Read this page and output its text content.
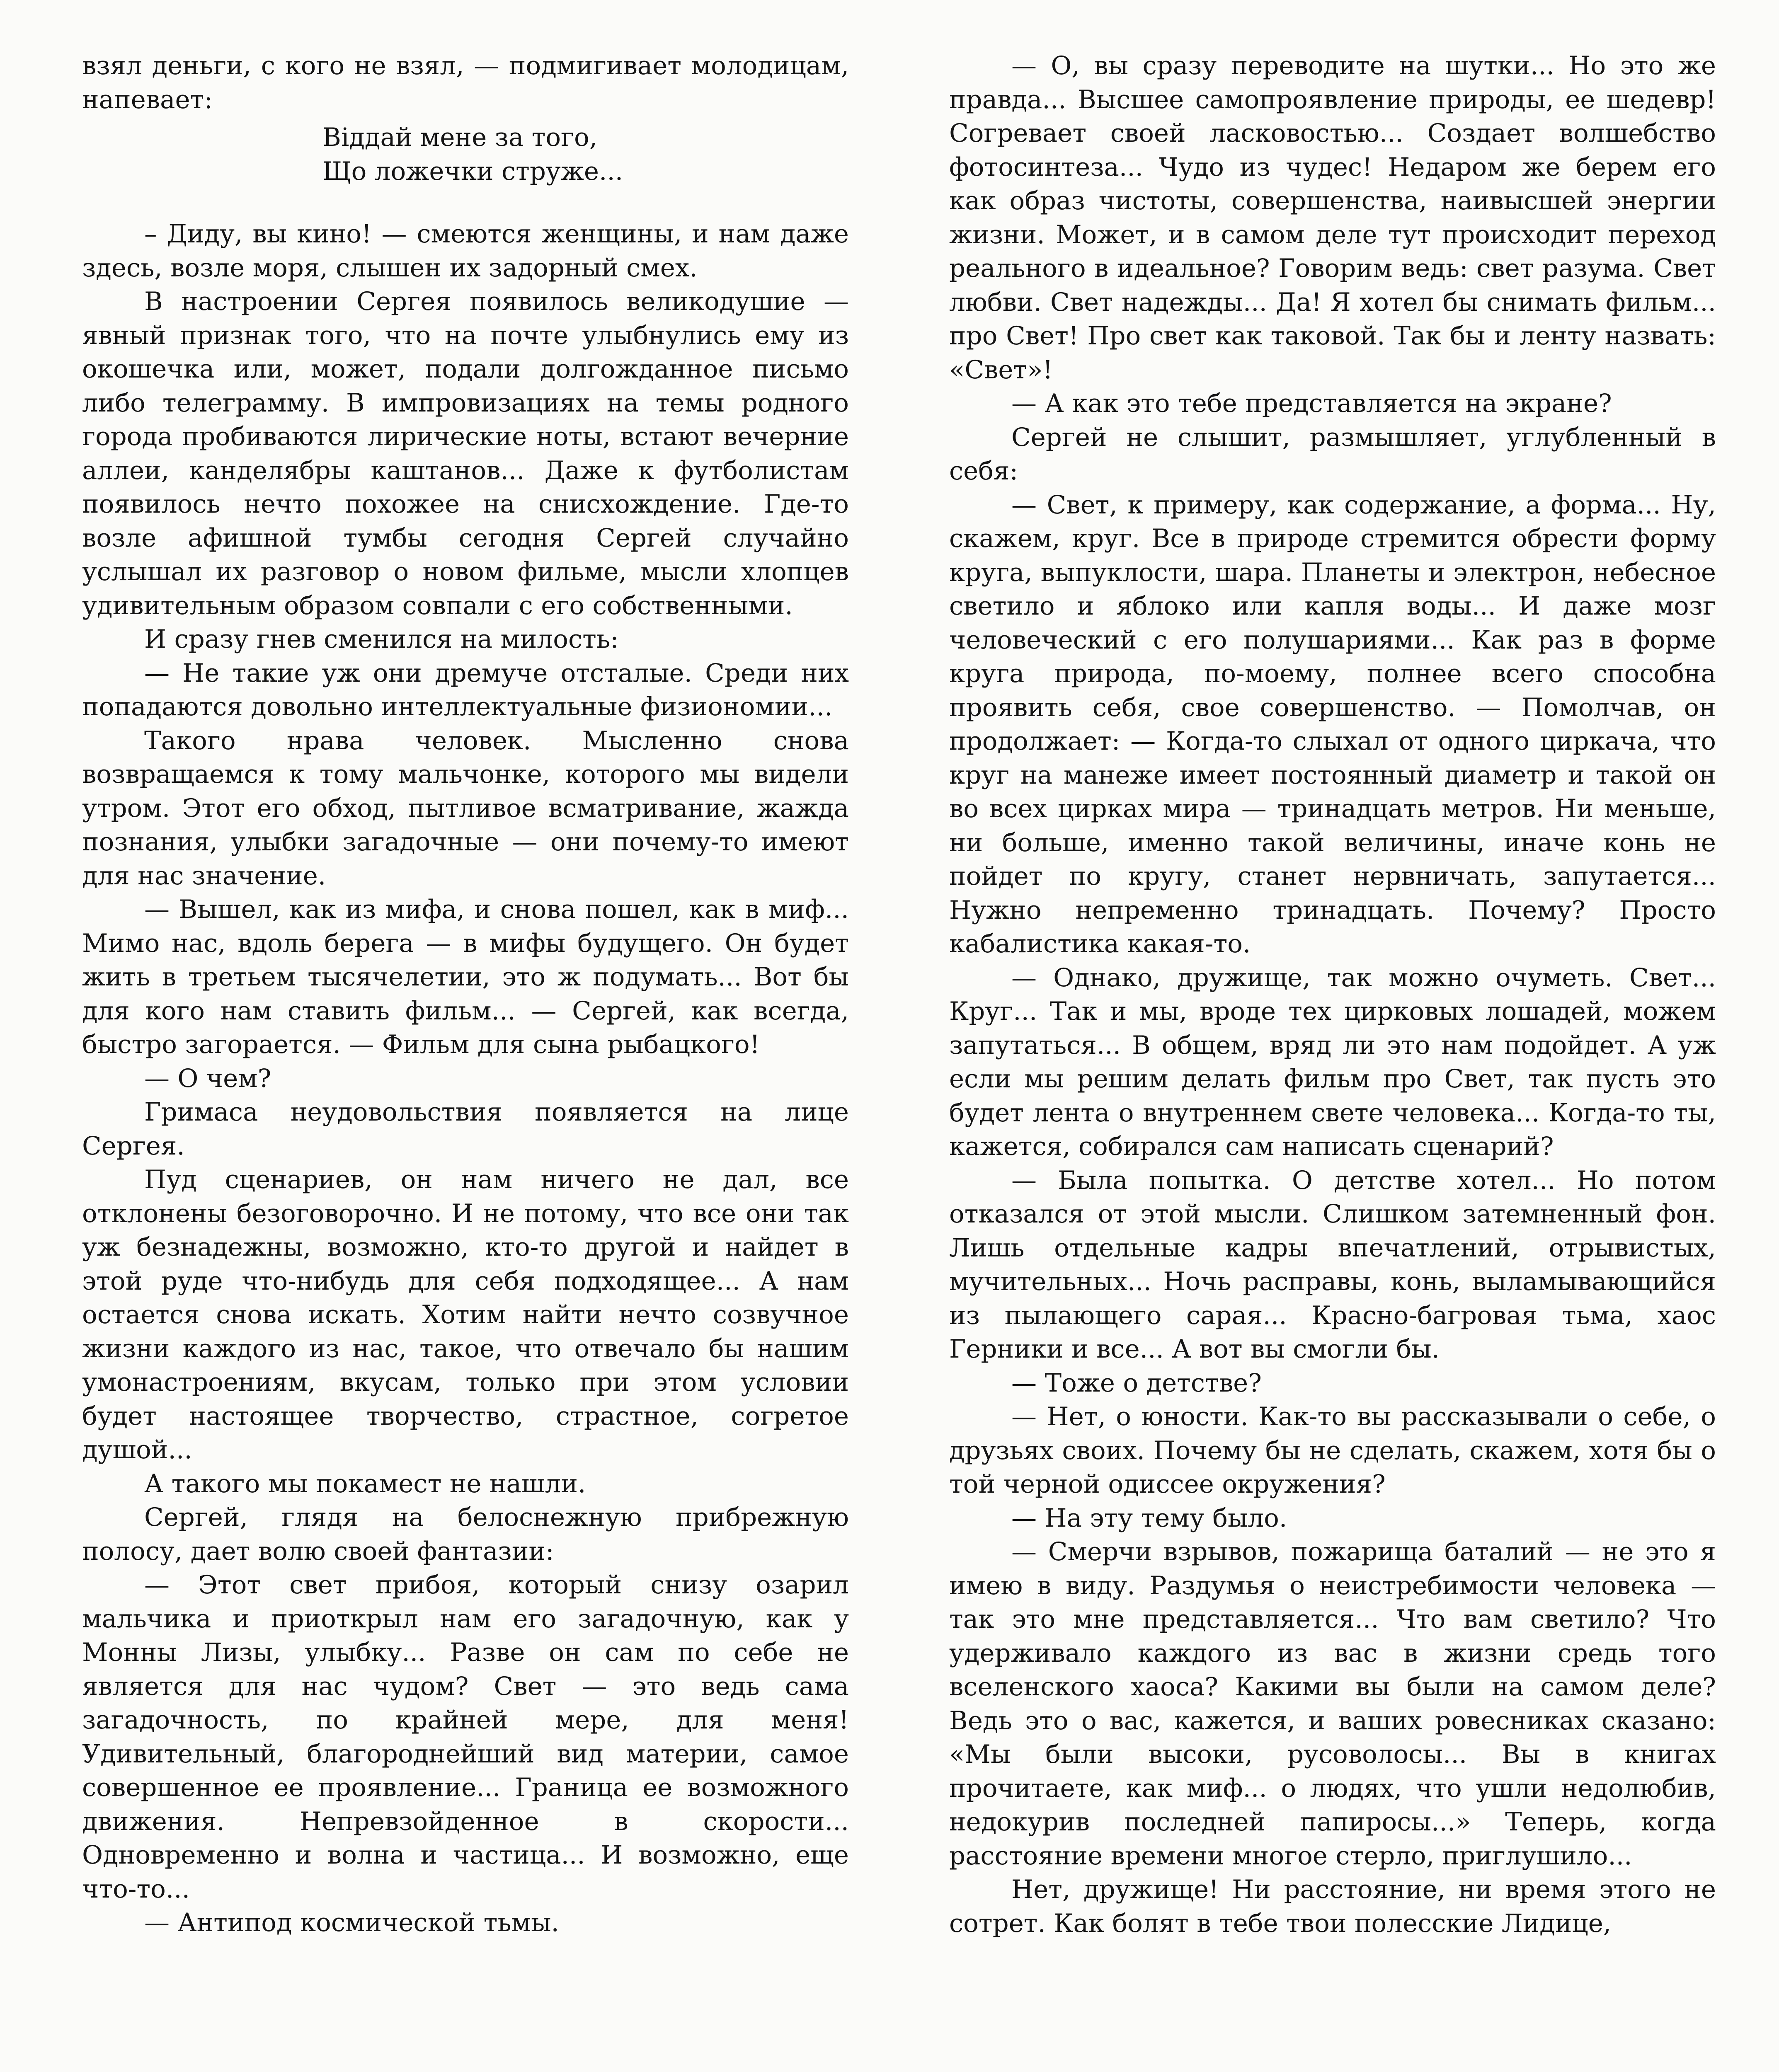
взял деньги, с кого не взял, — подмигивает молодицам, напевает:

Віддай мене за того,
Що ложечки струже...

– Диду, вы кино! — смеются женщины, и нам даже здесь, возле моря, слышен их задорный смех.

В настроении Сергея появилось великодушие — явный признак того, что на почте улыбнулись ему из окошечка или, может, подали долгожданное письмо либо телеграмму. В импровизациях на темы родного города пробиваются лирические ноты, встают вечерние аллеи, канделябры каштанов... Даже к футболистам появилось нечто похожее на снисхождение. Где-то возле афишной тумбы сегодня Сергей случайно услышал их разговор о новом фильме, мысли хлопцев удивительным образом совпали с его собственными.

И сразу гнев сменился на милость:

— Не такие уж они дремуче отсталые. Среди них попадаются довольно интеллектуальные физиономии...

Такого нрава человек. Мысленно снова возвращаемся к тому мальчонке, которого мы видели утром. Этот его обход, пытливое всматривание, жажда познания, улыбки загадочные — они почему-то имеют для нас значение.

— Вышел, как из мифа, и снова пошел, как в миф... Мимо нас, вдоль берега — в мифы будущего. Он будет жить в третьем тысячелетии, это ж подумать... Вот бы для кого нам ставить фильм... — Сергей, как всегда, быстро загорается. — Фильм для сына рыбацкого!

— О чем?

Гримаса неудовольствия появляется на лице Сергея.

Пуд сценариев, он нам ничего не дал, все отклонены безоговорочно. И не потому, что все они так уж безнадежны, возможно, кто-то другой и найдет в этой руде что-нибудь для себя подходящее... А нам остается снова искать. Хотим найти нечто созвучное жизни каждого из нас, такое, что отвечало бы нашим умонастроениям, вкусам, только при этом условии будет настоящее творчество, страстное, согретое душой...

А такого мы покамест не нашли.

Сергей, глядя на белоснежную прибрежную полосу, дает волю своей фантазии:

— Этот свет прибоя, который снизу озарил мальчика и приоткрыл нам его загадочную, как у Монны Лизы, улыбку... Разве он сам по себе не является для нас чудом? Свет — это ведь сама загадочность, по крайней мере, для меня! Удивительный, благороднейший вид материи, самое совершенное ее проявление... Граница ее возможного движения. Непревзойденное в скорости... Одновременно и волна и частица... И возможно, еще что-то...

— Антипод космической тьмы.

— О, вы сразу переводите на шутки... Но это же правда... Высшее самопроявление природы, ее шедевр! Согревает своей ласковостью... Создает волшебство фотосинтеза... Чудо из чудес! Недаром же берем его как образ чистоты, совершенства, наивысшей энергии жизни. Может, и в самом деле тут происходит переход реального в идеальное? Говорим ведь: свет разума. Свет любви. Свет надежды... Да! Я хотел бы снимать фильм... про Свет! Про свет как таковой. Так бы и ленту назвать: «Свет»!

— А как это тебе представляется на экране?

Сергей не слышит, размышляет, углубленный в себя:

— Свет, к примеру, как содержание, а форма... Ну, скажем, круг. Все в природе стремится обрести форму круга, выпуклости, шара. Планеты и электрон, небесное светило и яблоко или капля воды... И даже мозг человеческий с его полушариями... Как раз в форме круга природа, по-моему, полнее всего способна проявить себя, свое совершенство. — Помолчав, он продолжает: — Когда-то слыхал от одного циркача, что круг на манеже имеет постоянный диаметр и такой он во всех цирках мира — тринадцать метров. Ни меньше, ни больше, именно такой величины, иначе конь не пойдет по кругу, станет нервничать, запутается... Нужно непременно тринадцать. Почему? Просто кабалистика какая-то.

— Однако, дружище, так можно очуметь. Свет... Круг... Так и мы, вроде тех цирковых лошадей, можем запутаться... В общем, вряд ли это нам подойдет. А уж если мы решим делать фильм про Свет, так пусть это будет лента о внутреннем свете человека... Когда-то ты, кажется, собирался сам написать сценарий?

— Была попытка. О детстве хотел... Но потом отказался от этой мысли. Слишком затемненный фон. Лишь отдельные кадры впечатлений, отрывистых, мучительных... Ночь расправы, конь, выламывающийся из пылающего сарая... Красно-багровая тьма, хаос Герники и все... А вот вы смогли бы.

— Тоже о детстве?

— Нет, о юности. Как-то вы рассказывали о себе, о друзьях своих. Почему бы не сделать, скажем, хотя бы о той черной одиссее окружения?

— На эту тему было.

— Смерчи взрывов, пожарища баталий — не это я имею в виду. Раздумья о неистребимости человека — так это мне представляется... Что вам светило? Что удерживало каждого из вас в жизни средь того вселенского хаоса? Какими вы были на самом деле? Ведь это о вас, кажется, и ваших ровесниках сказано: «Мы были высоки, русоволосы... Вы в книгах прочитаете, как миф... о людях, что ушли недолюбив, недокурив последней папиросы...» Теперь, когда расстояние времени многое стерло, приглушило...

Нет, дружище! Ни расстояние, ни время этого не сотрет. Как болят в тебе твои полесские Лидице,
